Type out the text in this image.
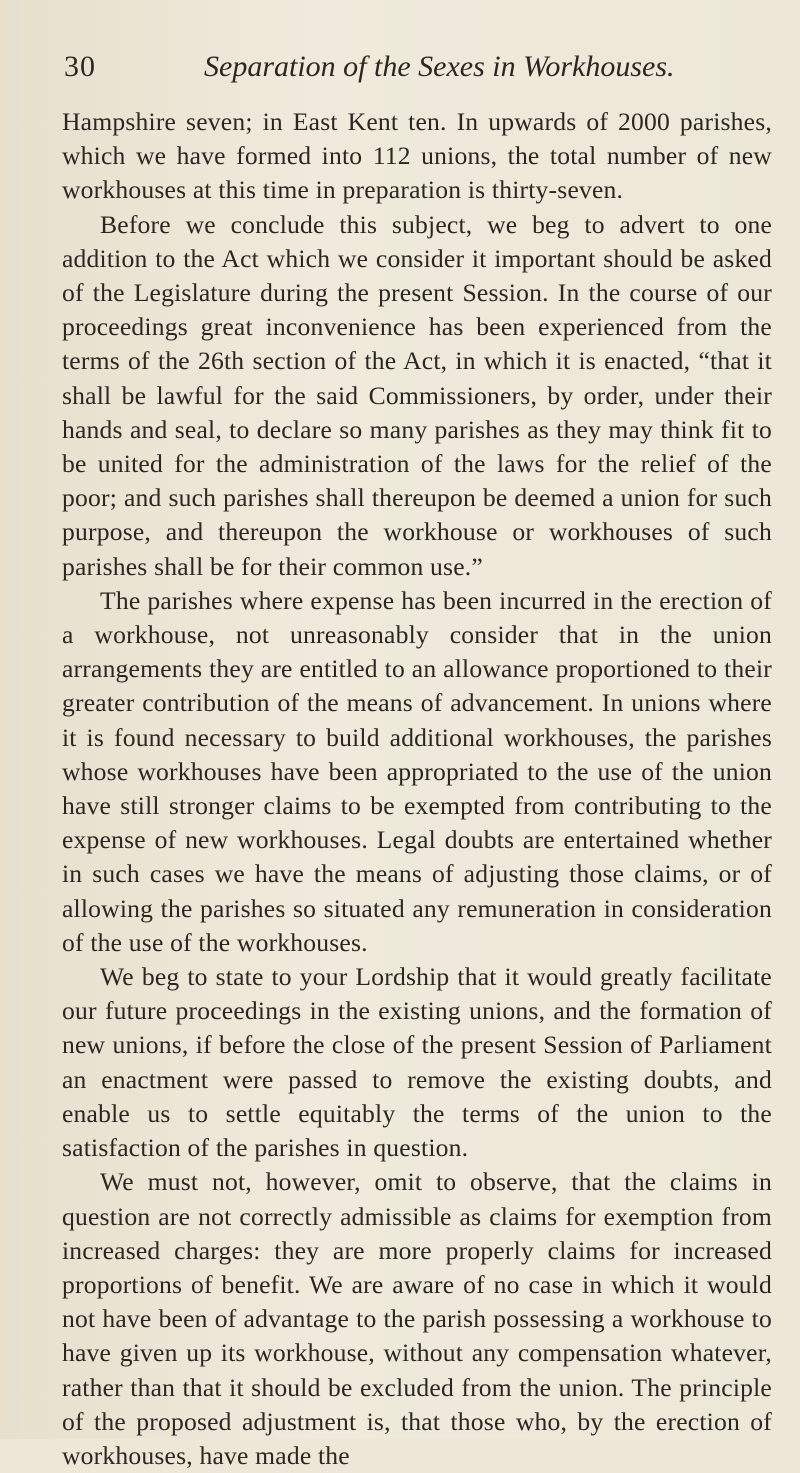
30	Separation of the Sexes in Workhouses.

Hampshire seven; in East Kent ten. In upwards of 2000 parishes, which we have formed into 112 unions, the total number of new workhouses at this time in preparation is thirty-seven.

Before we conclude this subject, we beg to advert to one addition to the Act which we consider it important should be asked of the Legislature during the present Session. In the course of our proceedings great inconvenience has been experienced from the terms of the 26th section of the Act, in which it is enacted, “that it shall be lawful for the said Commissioners, by order, under their hands and seal, to declare so many parishes as they may think fit to be united for the administration of the laws for the relief of the poor; and such parishes shall thereupon be deemed a union for such purpose, and thereupon the workhouse or workhouses of such parishes shall be for their common use.”

The parishes where expense has been incurred in the erection of a workhouse, not unreasonably consider that in the union arrangements they are entitled to an allowance proportioned to their greater contribution of the means of advancement. In unions where it is found necessary to build additional workhouses, the parishes whose workhouses have been appropriated to the use of the union have still stronger claims to be exempted from contributing to the expense of new workhouses. Legal doubts are entertained whether in such cases we have the means of adjusting those claims, or of allowing the parishes so situated any remuneration in consideration of the use of the workhouses.

We beg to state to your Lordship that it would greatly facilitate our future proceedings in the existing unions, and the formation of new unions, if before the close of the present Session of Parliament an enactment were passed to remove the existing doubts, and enable us to settle equitably the terms of the union to the satisfaction of the parishes in question.

We must not, however, omit to observe, that the claims in question are not correctly admissible as claims for exemption from increased charges: they are more properly claims for increased proportions of benefit. We are aware of no case in which it would not have been of advantage to the parish possessing a workhouse to have given up its workhouse, without any compensation whatever, rather than that it should be excluded from the union. The principle of the proposed adjustment is, that those who, by the erection of workhouses, have made the
